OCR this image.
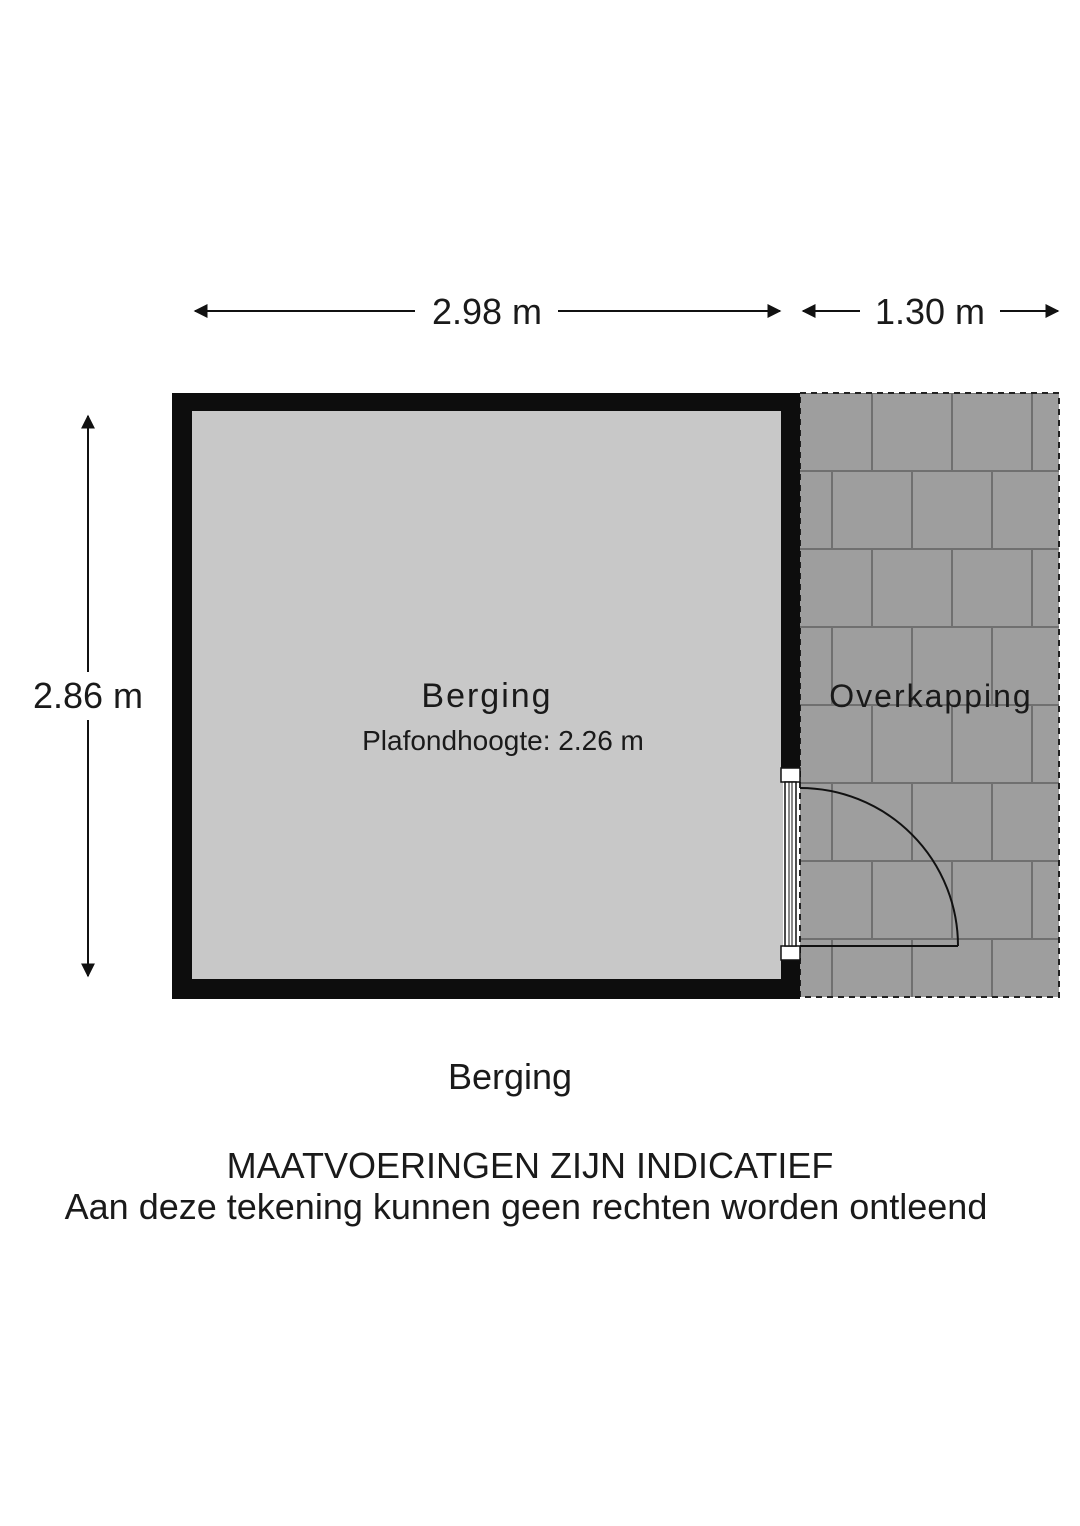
2.98 m	1.30 m
2.86 m	Berging
Plafondhoogte: 2.26 m
Overkapping
Berging
MAATVOERINGEN ZIJN INDICATIEF
Aan deze tekening kunnen geen rechten worden ontleend
